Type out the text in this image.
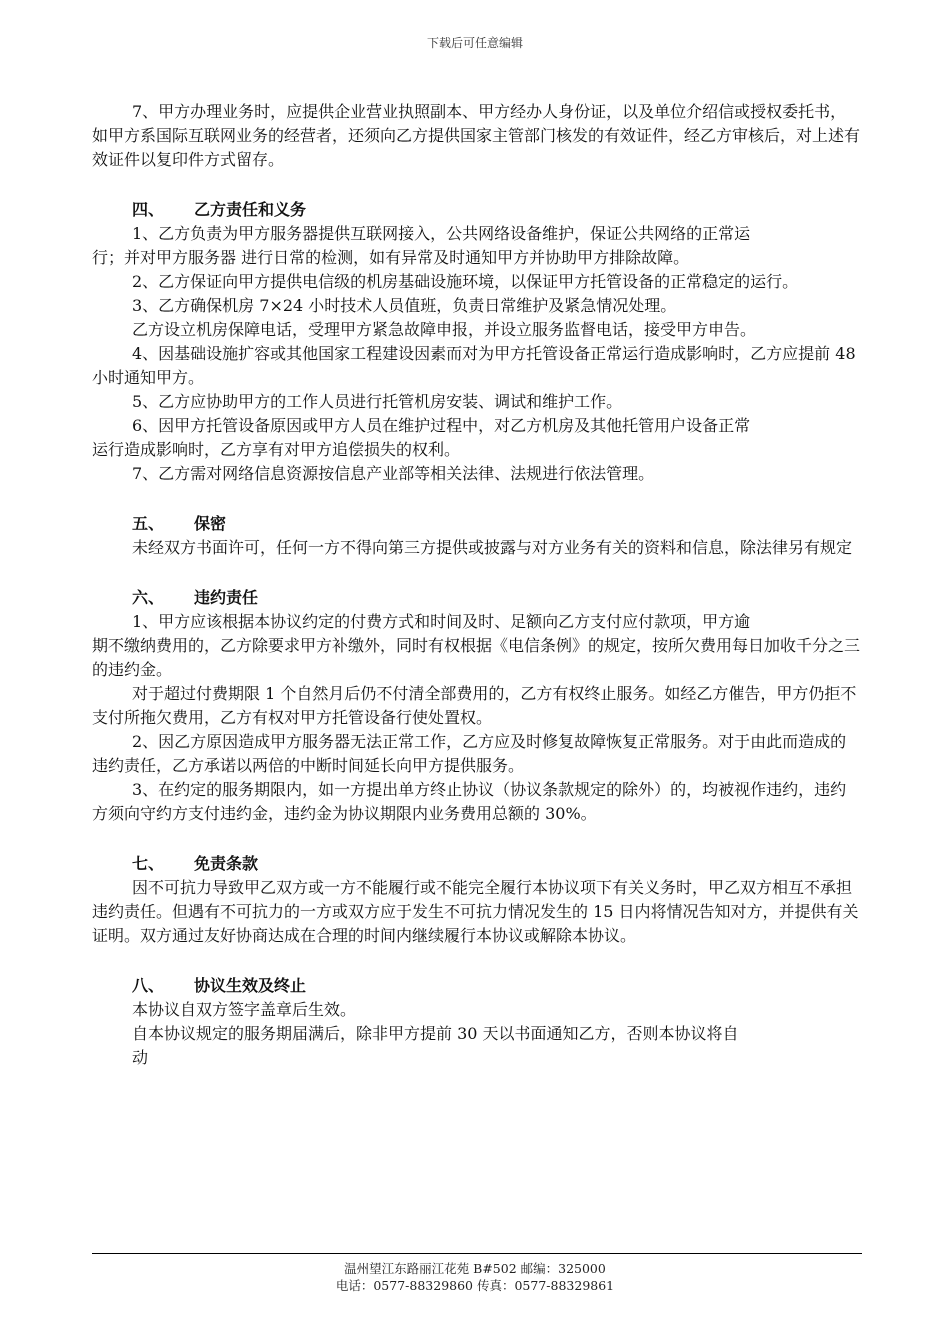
下载后可任意编辑

7、甲方办理业务时，应提供企业营业执照副本、甲方经办人身份证，以及单位介绍信或授权委托书，如甲方系国际互联网业务的经营者，还须向乙方提供国家主管部门核发的有效证件，经乙方审核后，对上述有效证件以复印件方式留存。

四、 乙方责任和义务

1、乙方负责为甲方服务器提供互联网接入，公共网络设备维护，保证公共网络的正常运

行；并对甲方服务器 进行日常的检测，如有异常及时通知甲方并协助甲方排除故障。

2、乙方保证向甲方提供电信级的机房基础设施环境，以保证甲方托管设备的正常稳定的运行。

3、乙方确保机房 7×24 小时技术人员值班，负责日常维护及紧急情况处理。

乙方设立机房保障电话，受理甲方紧急故障申报，并设立服务监督电话，接受甲方申告。

4、因基础设施扩容或其他国家工程建设因素而对为甲方托管设备正常运行造成影响时，乙方应提前 48 小时通知甲方。

5、乙方应协助甲方的工作人员进行托管机房安装、调试和维护工作。

6、因甲方托管设备原因或甲方人员在维护过程中，对乙方机房及其他托管用户设备正常

运行造成影响时，乙方享有对甲方追偿损失的权利。

7、乙方需对网络信息资源按信息产业部等相关法律、法规进行依法管理。

五、 保密

未经双方书面许可，任何一方不得向第三方提供或披露与对方业务有关的资料和信息，除法律另有规定

六、 违约责任

1、甲方应该根据本协议约定的付费方式和时间及时、足额向乙方支付应付款项，甲方逾

期不缴纳费用的，乙方除要求甲方补缴外，同时有权根据《电信条例》的规定，按所欠费用每日加收千分之三的违约金。

对于超过付费期限 1 个自然月后仍不付清全部费用的，乙方有权终止服务。如经乙方催告，甲方仍拒不支付所拖欠费用，乙方有权对甲方托管设备行使处置权。

2、因乙方原因造成甲方服务器无法正常工作，乙方应及时修复故障恢复正常服务。对于由此而造成的违约责任，乙方承诺以两倍的中断时间延长向甲方提供服务。

3、在约定的服务期限内，如一方提出单方终止协议（协议条款规定的除外）的，均被视作违约，违约方须向守约方支付违约金，违约金为协议期限内业务费用总额的 30%。

七、 免责条款

因不可抗力导致甲乙双方或一方不能履行或不能完全履行本协议项下有关义务时，甲乙双方相互不承担违约责任。但遇有不可抗力的一方或双方应于发生不可抗力情况发生的 15 日内将情况告知对方，并提供有关证明。双方通过友好协商达成在合理的时间内继续履行本协议或解除本协议。

八、 协议生效及终止

本协议自双方签字盖章后生效。

自本协议规定的服务期届满后，除非甲方提前 30 天以书面通知乙方，否则本协议将自

动

温州望江东路丽江花苑 B#502 邮编：325000
电话：0577-88329860 传真：0577-88329861
